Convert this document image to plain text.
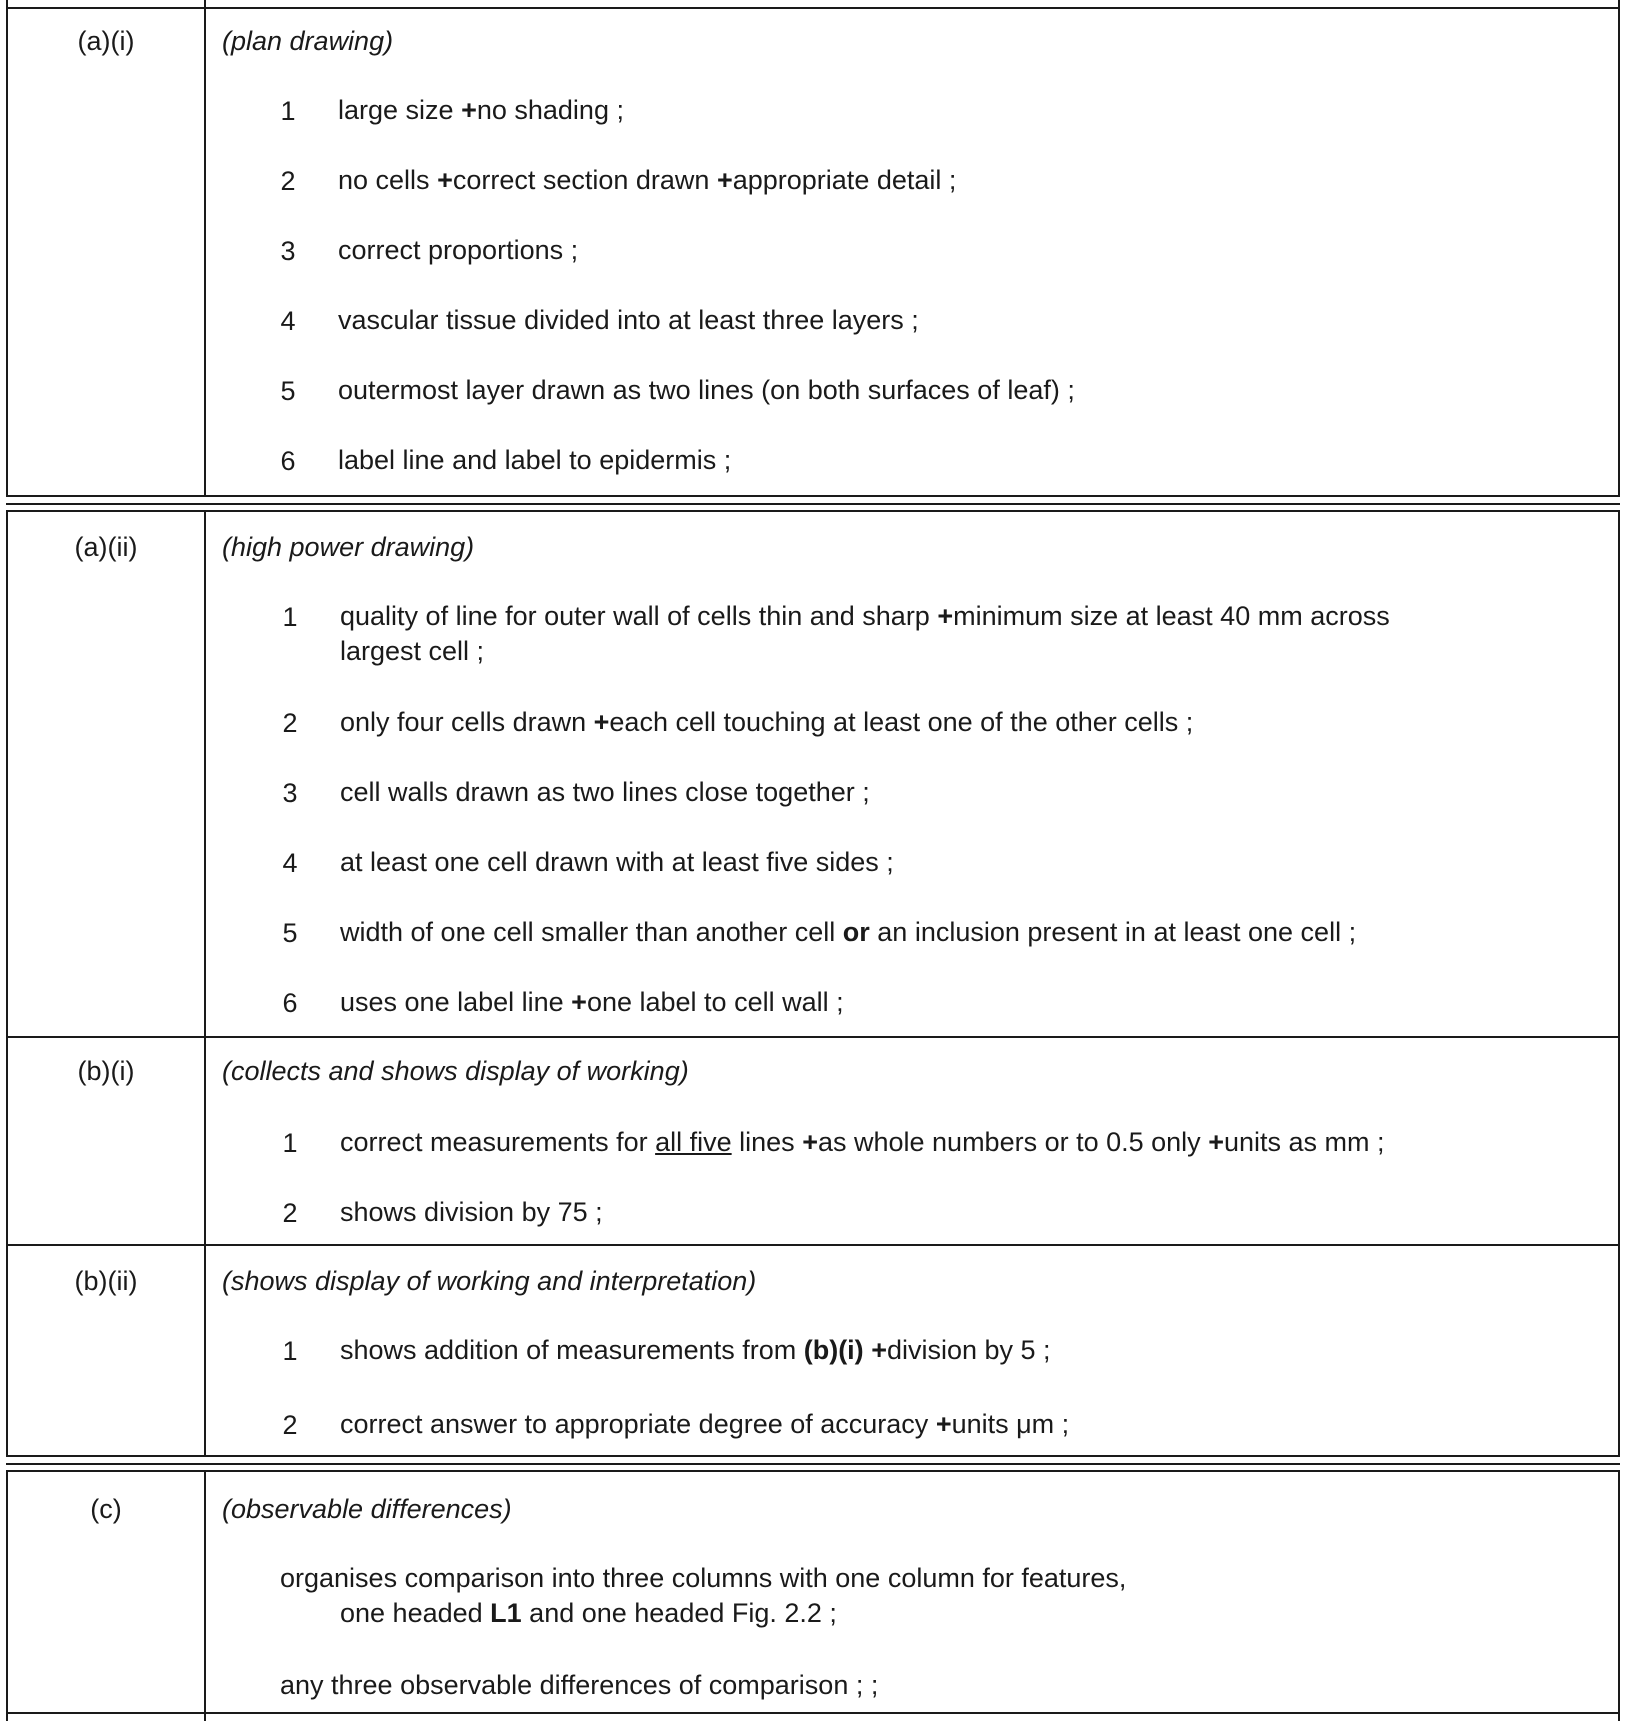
(a)(i)	(plan drawing)
1	large size +no shading ;
2	no cells +correct section drawn +appropriate detail ;
3	correct proportions ;
4	vascular tissue divided into at least three layers ;
5	outermost layer drawn as two lines (on both surfaces of leaf) ;
6	label line and label to epidermis ;
(a)(ii)	(high power drawing)
1	quality of line for outer wall of cells thin and sharp +minimum size at least 40 mm across
largest cell ;
2	only four cells drawn +each cell touching at least one of the other cells ;
3	cell walls drawn as two lines close together ;
4	at least one cell drawn with at least five sides ;
5	width of one cell smaller than another cell or an inclusion present in at least one cell ;
6	uses one label line +one label to cell wall ;
(b)(i)	(collects and shows display of working)
1	correct measurements for all five lines +as whole numbers or to 0.5 only +units as mm ;
2	shows division by 75 ;
(b)(ii)	(shows display of working and interpretation)
1	shows addition of measurements from (b)(i) +division by 5 ;
2	correct answer to appropriate degree of accuracy +units μm ;
(c)	(observable differences)
organises comparison into three columns with one column for features,
one headed L1 and one headed Fig. 2.2 ;
any three observable differences of comparison ; ;
